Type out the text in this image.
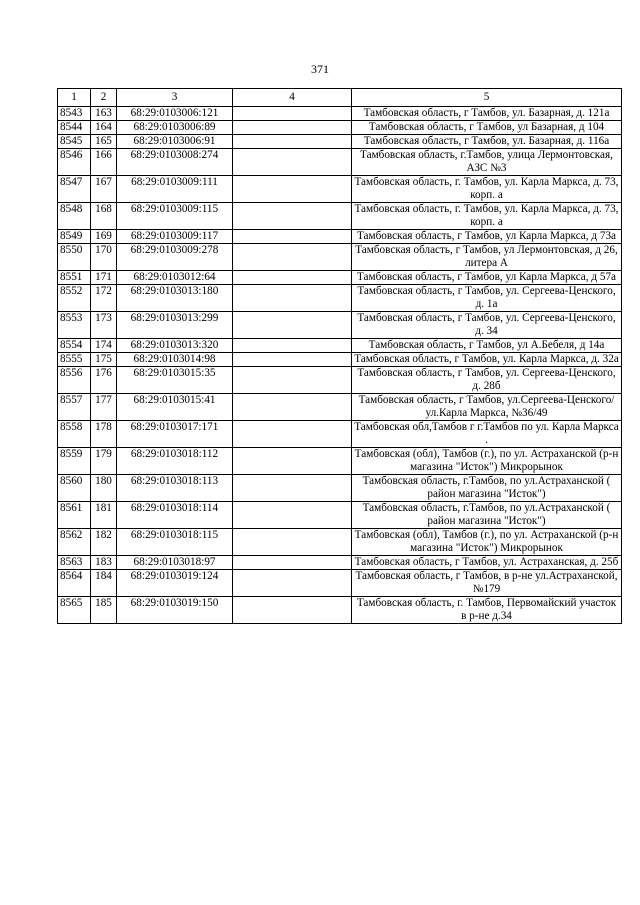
371
1	2	3	4	5
8543	163	68:29:0103006:121		Тамбовская область, г Тамбов, ул. Базарная, д. 121а
8544	164	68:29:0103006:89		Тамбовская область, г Тамбов, ул Базарная, д 104
8545	165	68:29:0103006:91		Тамбовская область, г Тамбов, ул. Базарная, д. 116а
8546	166	68:29:0103008:274		Тамбовская область, г.Тамбов, улица Лермонтовская, АЗС №3
8547	167	68:29:0103009:111		Тамбовская область, г. Тамбов, ул. Карла Маркса, д. 73, корп. а
8548	168	68:29:0103009:115		Тамбовская область, г. Тамбов, ул. Карла Маркса, д. 73, корп. а
8549	169	68:29:0103009:117		Тамбовская область, г Тамбов, ул Карла Маркса, д 73а
8550	170	68:29:0103009:278		Тамбовская область, г Тамбов, ул Лермонтовская, д 26, литера А
8551	171	68:29:0103012:64		Тамбовская область, г Тамбов, ул Карла Маркса, д 57а
8552	172	68:29:0103013:180		Тамбовская область, г Тамбов, ул. Сергеева-Ценского, д. 1а
8553	173	68:29:0103013:299		Тамбовская область, г Тамбов, ул. Сергеева-Ценского, д. 34
8554	174	68:29:0103013:320		Тамбовская область, г Тамбов, ул А.Бебеля, д 14а
8555	175	68:29:0103014:98		Тамбовская область, г Тамбов, ул. Карла Маркса, д. 32а
8556	176	68:29:0103015:35		Тамбовская область, г Тамбов, ул. Сергеева-Ценского, д. 28б
8557	177	68:29:0103015:41		Тамбовская область, г Тамбов, ул.Сергеева-Ценского/ул.Карла Маркса, №36/49
8558	178	68:29:0103017:171		Тамбовская обл,Тамбов г г.Тамбов по ул. Карла Маркса .
8559	179	68:29:0103018:112		Тамбовская (обл), Тамбов (г.), по ул. Астраханской (р-н магазина "Исток") Микрорынок
8560	180	68:29:0103018:113		Тамбовская область, г.Тамбов, по ул.Астраханской ( район магазина "Исток")
8561	181	68:29:0103018:114		Тамбовская область, г.Тамбов, по ул.Астраханской ( район магазина "Исток")
8562	182	68:29:0103018:115		Тамбовская (обл), Тамбов (г.), по ул. Астраханской (р-н магазина "Исток") Микрорынок
8563	183	68:29:0103018:97		Тамбовская область, г Тамбов, ул. Астраханская, д. 25б
8564	184	68:29:0103019:124		Тамбовская область, г Тамбов, в р-не ул.Астраханской, №179
8565	185	68:29:0103019:150		Тамбовская область, г. Тамбов, Первомайский участок в р-не д.34
